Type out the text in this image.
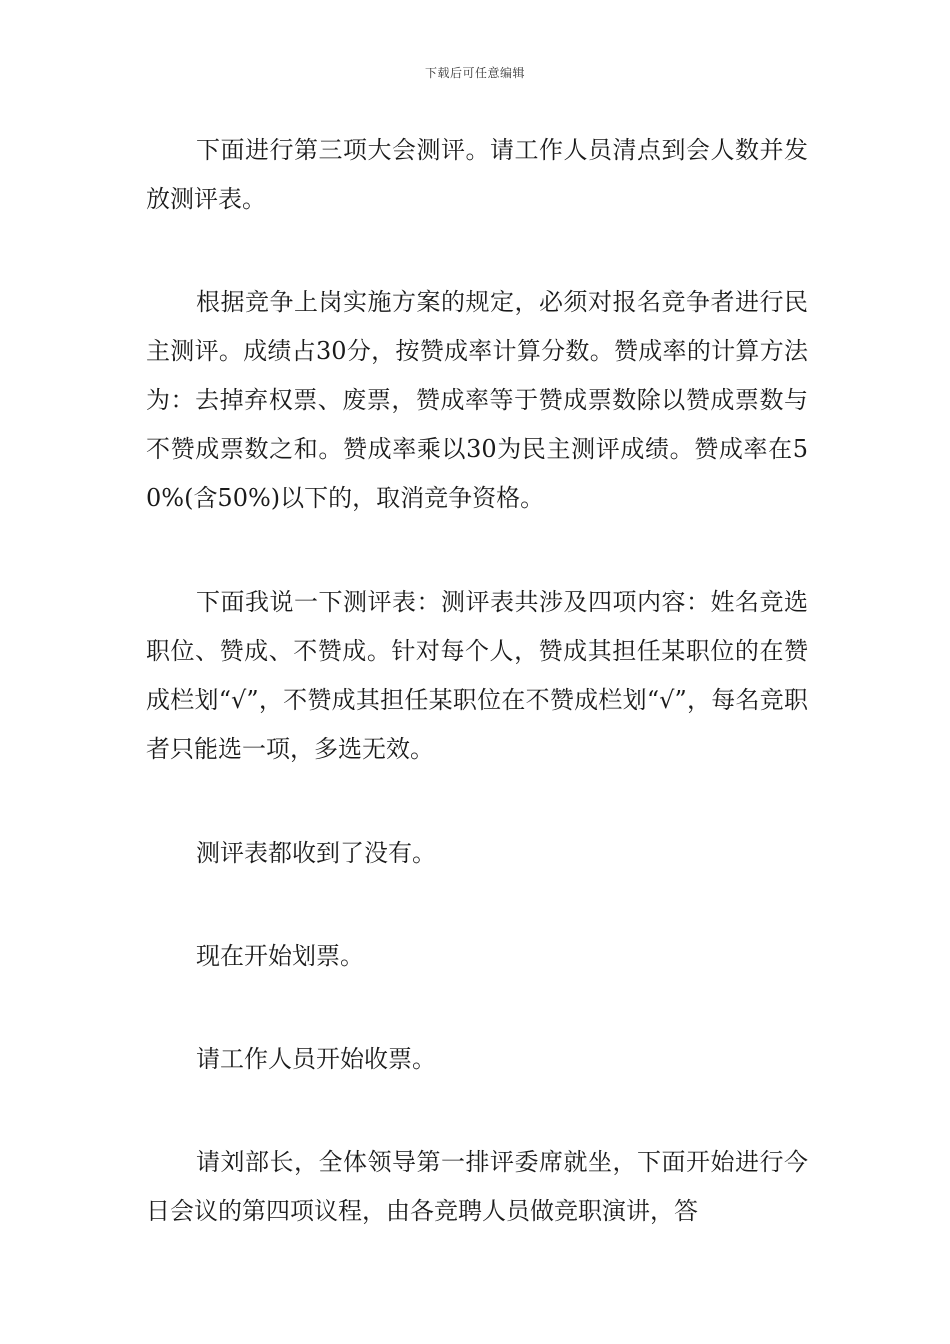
下载后可任意编辑

下面进行第三项大会测评。请工作人员清点到会人数并发放测评表。

根据竞争上岗实施方案的规定，必须对报名竞争者进行民主测评。成绩占30分，按赞成率计算分数。赞成率的计算方法为：去掉弃权票、废票，赞成率等于赞成票数除以赞成票数与不赞成票数之和。赞成率乘以30为民主测评成绩。赞成率在50%(含50%)以下的，取消竞争资格。

下面我说一下测评表：测评表共涉及四项内容：姓名竞选职位、赞成、不赞成。针对每个人，赞成其担任某职位的在赞成栏划“√”，不赞成其担任某职位在不赞成栏划“√”，每名竞职者只能选一项，多选无效。

测评表都收到了没有。

现在开始划票。

请工作人员开始收票。

请刘部长，全体领导第一排评委席就坐，下面开始进行今日会议的第四项议程，由各竞聘人员做竞职演讲，答
